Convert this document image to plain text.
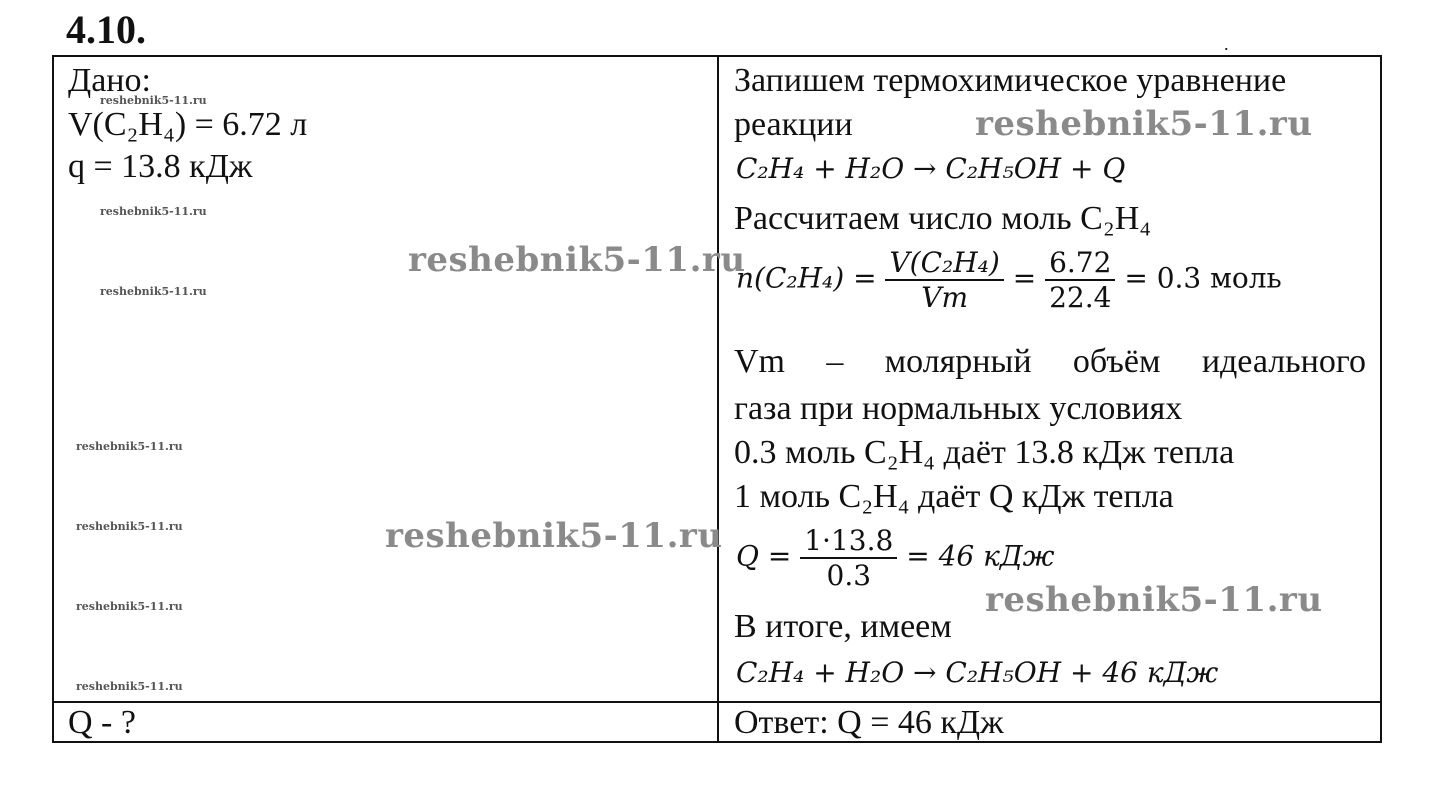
4.10.	.
Дано:
V(C₂H₄) = 6.72 л
q = 13.8 кДж
Q - ?
Запишем термохимическое уравнение
реакции
C₂H₄ + H₂O → C₂H₅OH + Q
Рассчитаем число моль C₂H₄
$n(C_2H_4) = \frac{\text{V(C₂H₄)}}{Vm} = \frac{6.72}{22.4} = 0.3$ моль
Vm – молярный объём идеального
газа при нормальных условиях
0.3 моль C₂H₄ даёт 13.8 кДж тепла
1 моль C₂H₄ даёт Q кДж тепла
$Q = \frac{1\cdot 13.8}{0.3} = 46$ кДж
В итоге, имеем
C₂H₄ + H₂O → C₂H₅OH + 46 кДж
Ответ: Q = 46 кДж
reshebnik5-11.ru
reshebnik5-11.ru
reshebnik5-11.ru
reshebnik5-11.ru
reshebnik5-11.ru
reshebnik5-11.ru
reshebnik5-11.ru
reshebnik5-11.ru
reshebnik5-11.ru
reshebnik5-11.ru
reshebnik5-11.ru
